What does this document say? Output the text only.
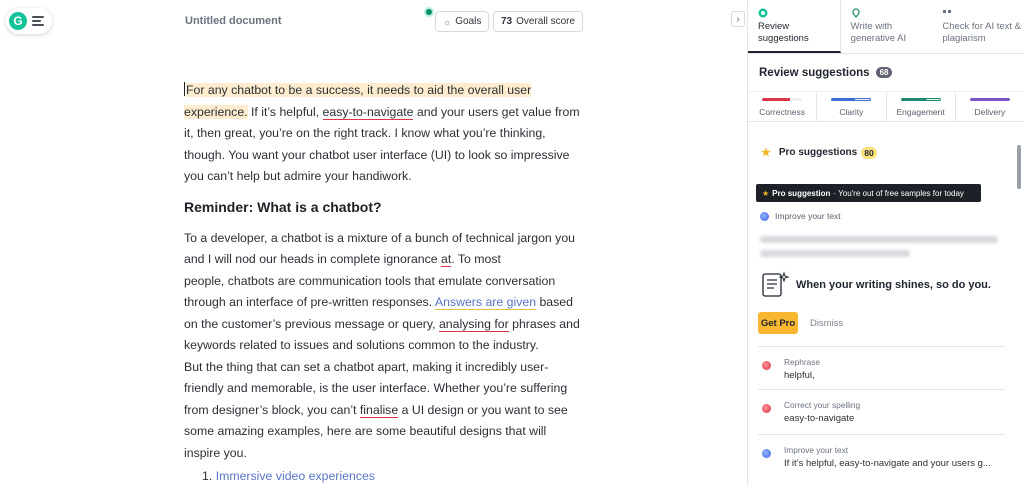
G	Untitled document	☼ Goals 73 Overall score

For any chatbot to be a success, it needs to aid the overall user experience. If it’s helpful, easy-to-navigate and your users get value from it, then great, you’re on the right track. I know what you’re thinking, though. You want your chatbot user interface (UI) to look so impressive you can’t help but admire your handiwork.

Reminder: What is a chatbot?

To a developer, a chatbot is a mixture of a bunch of technical jargon you and I will nod our heads in complete ignorance at. To most
people, chatbots are communication tools that emulate conversation through an interface of pre-written responses. Answers are given based on the customer’s previous message or query, analysing for phrases and keywords related to issues and solutions common to the industry.

But the thing that can set a chatbot apart, making it incredibly user-friendly and memorable, is the user interface. Whether you’re suffering from designer’s block, you can’t finalise a UI design or you want to see some amazing examples, here are some beautiful designs that will inspire you.

1. Immersive video experiences

›
Review suggestions
Write with generative AI
Check for AI text & plagiarism
Review suggestions	68
Correctness	Clarity	Engagement	Delivery
★ Pro suggestions 80
★ Pro suggestion · You're out of free samples for today
Improve your text
When your writing shines, so do you.
Get Pro Dismiss
Rephrase
helpful,
Correct your spelling
easy-to-navigate
Improve your text
If it’s helpful, easy-to-navigate and your users g...
